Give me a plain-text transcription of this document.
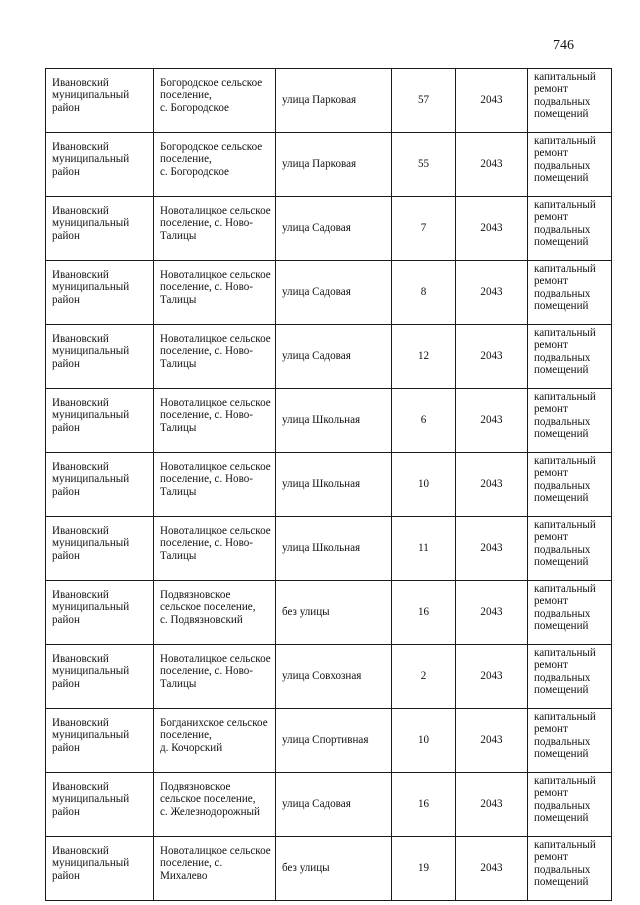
746
Ивановский
муниципальный
район	Богородское сельское
поселение,
с. Богородское	улица Парковая	57	2043	капитальный
ремонт
подвальных
помещений

Ивановский
муниципальный
район	Богородское сельское
поселение,
с. Богородское	улица Парковая	55	2043	капитальный
ремонт
подвальных
помещений

Ивановский
муниципальный
район	Новоталицкое сельское
поселение, с. Ново-
Талицы	улица Садовая	7	2043	капитальный
ремонт
подвальных
помещений

Ивановский
муниципальный
район	Новоталицкое сельское
поселение, с. Ново-
Талицы	улица Садовая	8	2043	капитальный
ремонт
подвальных
помещений

Ивановский
муниципальный
район	Новоталицкое сельское
поселение, с. Ново-
Талицы	улица Садовая	12	2043	капитальный
ремонт
подвальных
помещений

Ивановский
муниципальный
район	Новоталицкое сельское
поселение, с. Ново-
Талицы	улица Школьная	6	2043	капитальный
ремонт
подвальных
помещений

Ивановский
муниципальный
район	Новоталицкое сельское
поселение, с. Ново-
Талицы	улица Школьная	10	2043	капитальный
ремонт
подвальных
помещений

Ивановский
муниципальный
район	Новоталицкое сельское
поселение, с. Ново-
Талицы	улица Школьная	11	2043	капитальный
ремонт
подвальных
помещений

Ивановский
муниципальный
район	Подвязновское
сельское поселение,
с. Подвязновский	без улицы	16	2043	капитальный
ремонт
подвальных
помещений

Ивановский
муниципальный
район	Новоталицкое сельское
поселение, с. Ново-
Талицы	улица Совхозная	2	2043	капитальный
ремонт
подвальных
помещений

Ивановский
муниципальный
район	Богданихское сельское
поселение,
д. Кочорский	улица Спортивная	10	2043	капитальный
ремонт
подвальных
помещений

Ивановский
муниципальный
район	Подвязновское
сельское поселение,
с. Железнодорожный	улица Садовая	16	2043	капитальный
ремонт
подвальных
помещений

Ивановский
муниципальный
район	Новоталицкое сельское
поселение, с. Михалево	без улицы	19	2043	капитальный
ремонт
подвальных
помещений
